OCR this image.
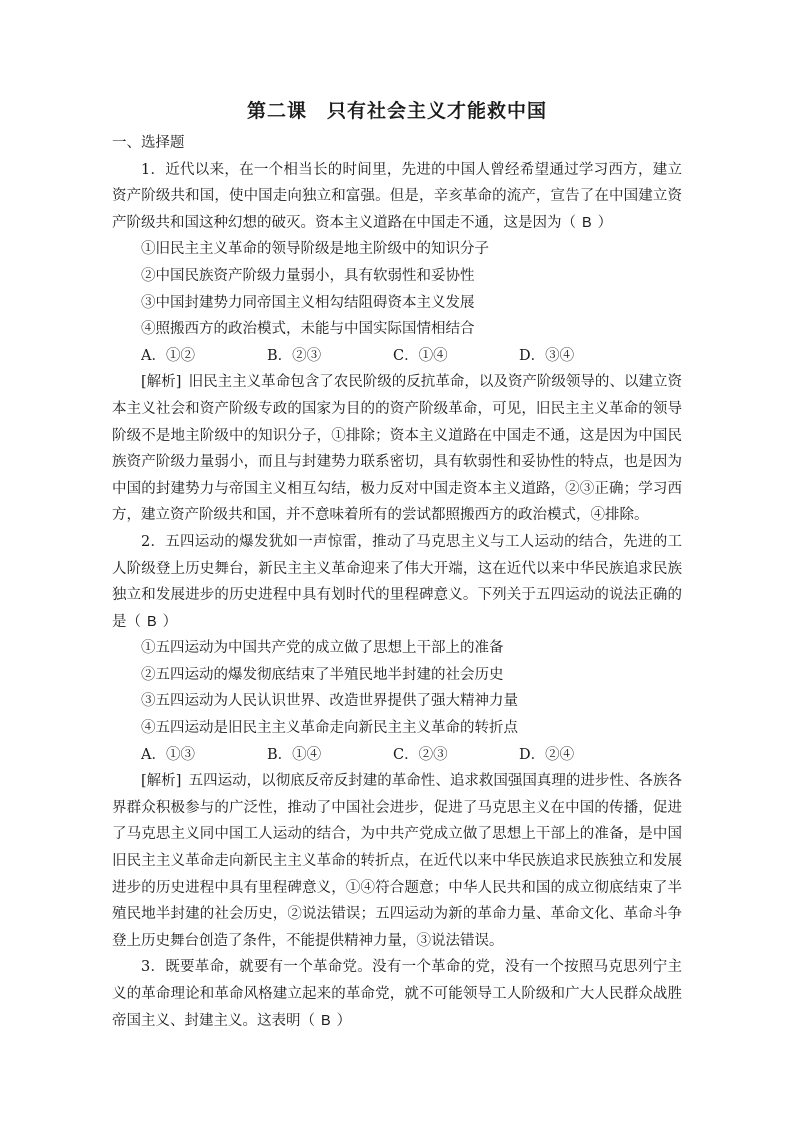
第二课　只有社会主义才能救中国

一、选择题

1．近代以来，在一个相当长的时间里，先进的中国人曾经希望通过学习西方，建立资产阶级共和国，使中国走向独立和富强。但是，辛亥革命的流产，宣告了在中国建立资产阶级共和国这种幻想的破灭。资本主义道路在中国走不通，这是因为（ B ）

①旧民主主义革命的领导阶级是地主阶级中的知识分子

②中国民族资产阶级力量弱小，具有软弱性和妥协性

③中国封建势力同帝国主义相勾结阻碍资本主义发展

④照搬西方的政治模式，未能与中国实际国情相结合

A．①②	B．②③	C．①④	D．③④

[解析] 旧民主主义革命包含了农民阶级的反抗革命，以及资产阶级领导的、以建立资本主义社会和资产阶级专政的国家为目的的资产阶级革命，可见，旧民主主义革命的领导阶级不是地主阶级中的知识分子，①排除；资本主义道路在中国走不通，这是因为中国民族资产阶级力量弱小，而且与封建势力联系密切，具有软弱性和妥协性的特点，也是因为中国的封建势力与帝国主义相互勾结，极力反对中国走资本主义道路，②③正确；学习西方，建立资产阶级共和国，并不意味着所有的尝试都照搬西方的政治模式，④排除。

2．五四运动的爆发犹如一声惊雷，推动了马克思主义与工人运动的结合，先进的工人阶级登上历史舞台，新民主主义革命迎来了伟大开端，这在近代以来中华民族追求民族独立和发展进步的历史进程中具有划时代的里程碑意义。下列关于五四运动的说法正确的是（ B ）

①五四运动为中国共产党的成立做了思想上干部上的准备

②五四运动的爆发彻底结束了半殖民地半封建的社会历史

③五四运动为人民认识世界、改造世界提供了强大精神力量

④五四运动是旧民主主义革命走向新民主主义革命的转折点

A．①③	B．①④	C．②③	D．②④

[解析] 五四运动，以彻底反帝反封建的革命性、追求救国强国真理的进步性、各族各界群众积极参与的广泛性，推动了中国社会进步，促进了马克思主义在中国的传播，促进了马克思主义同中国工人运动的结合，为中共产党成立做了思想上干部上的准备，是中国旧民主主义革命走向新民主主义革命的转折点，在近代以来中华民族追求民族独立和发展进步的历史进程中具有里程碑意义，①④符合题意；中华人民共和国的成立彻底结束了半殖民地半封建的社会历史，②说法错误；五四运动为新的革命力量、革命文化、革命斗争登上历史舞台创造了条件，不能提供精神力量，③说法错误。

3．既要革命，就要有一个革命党。没有一个革命的党，没有一个按照马克思列宁主义的革命理论和革命风格建立起来的革命党，就不可能领导工人阶级和广大人民群众战胜帝国主义、封建主义。这表明（ B ）
